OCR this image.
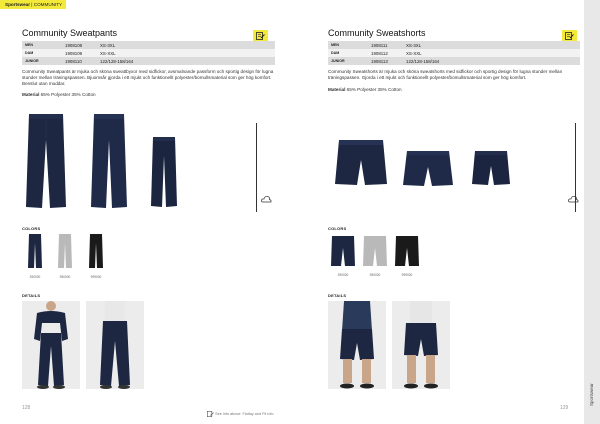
Sportswear | COMMUNITY
Community Sweatpants
MEN	1908108	XS-3XL
DAM	1908109	XS-XXL
JUNIOR	1908110	122/128-158/164
Community Sweatpants är mjuka och sköna sweattbyxor med sidfickor, avsmalnande passform och sportig design för lugna stunder mellan träningspassen. Bjuomsår gjorda i ett mjukt och funktionellt polyester/bomullsmaterial som ger hög komfort. Benslut utan muddar.
Material 65% Polyester 35% Cotton
COLORS
390000	950000	999000
DETAILS
128
Community Sweatshorts
MEN	1908111	XS-3XL
DAM	1908112	XS-XXL
JUNIOR	1908113	122/128-158/164
Community Sweatshorts är mjuka och sköna sweatshorts med sidfickor och sportig design för lugna stunder mellan träningspassen. Gjorda i ett mjukt och funktionellt polyester/bomullsmaterial som ger hög komfort.
Material 65% Polyester 35% Cotton
COLORS
390000	950000	999000
DETAILS
129
See info above: Flatlay and Fit info
Sportswear
